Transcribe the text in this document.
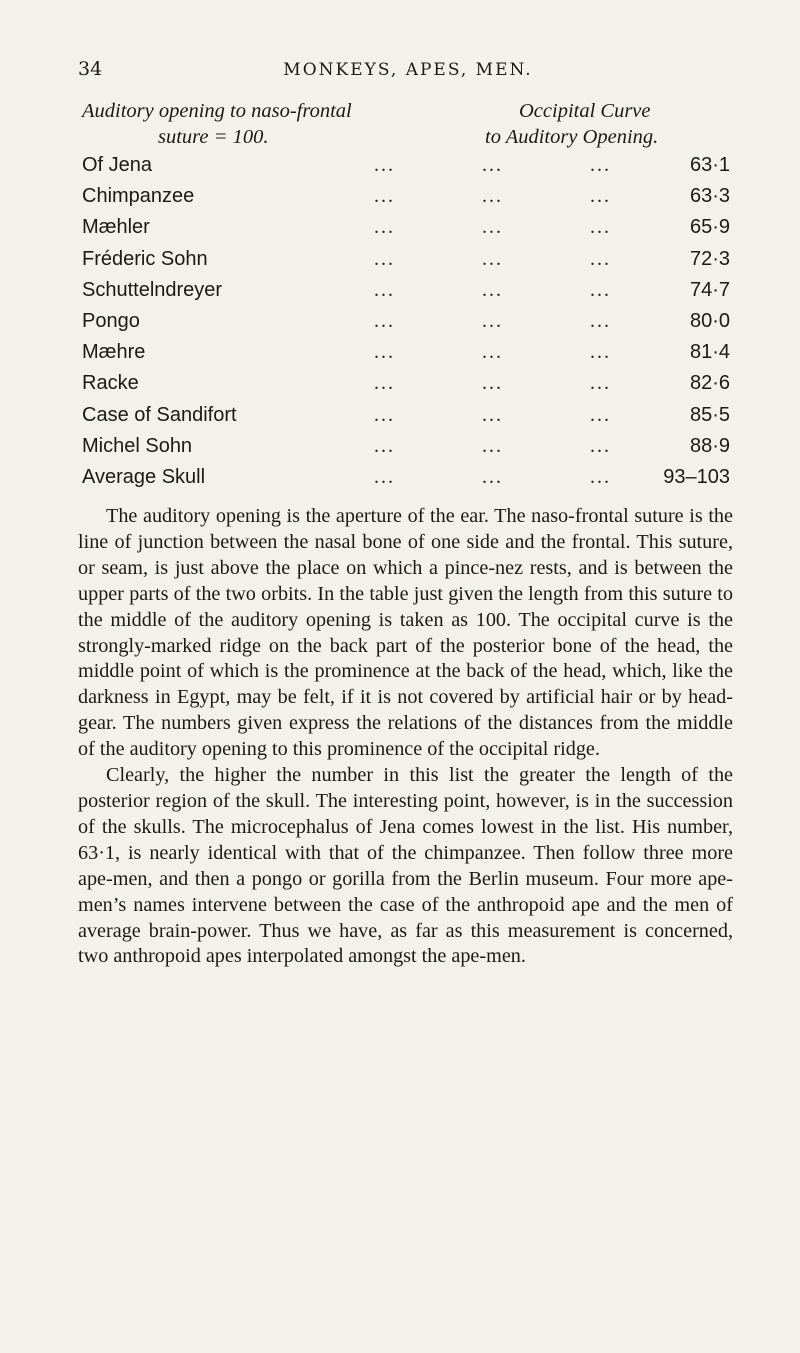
34	MONKEYS, APES, MEN.
Auditory opening to naso-frontal
suture = 100.
Occipital Curve
to Auditory Opening.
Of Jena	...	...	...	63·1
Chimpanzee	...	...	...	63·3
Mæhler	...	...	...	65·9
Fréderic Sohn	...	...	...	72·3
Schuttelndreyer	...	...	...	74·7
Pongo	...	...	...	80·0
Mæhre	...	...	...	81·4
Racke	...	...	...	82·6
Case of Sandifort	...	...	...	85·5
Michel Sohn	...	...	...	88·9
Average Skull	...	...	...	93–103

The auditory opening is the aperture of the ear. The naso-frontal suture is the line of junction between the nasal bone of one side and the frontal. This suture, or seam, is just above the place on which a pince-nez rests, and is between the upper parts of the two orbits. In the table just given the length from this suture to the middle of the auditory opening is taken as 100. The occipital curve is the strongly-marked ridge on the back part of the posterior bone of the head, the middle point of which is the prominence at the back of the head, which, like the darkness in Egypt, may be felt, if it is not covered by artificial hair or by head-gear. The numbers given express the relations of the distances from the middle of the auditory opening to this prominence of the occipital ridge.

Clearly, the higher the number in this list the greater the length of the posterior region of the skull. The interesting point, however, is in the succession of the skulls. The microcephalus of Jena comes lowest in the list. His number, 63·1, is nearly identical with that of the chimpanzee. Then follow three more ape-men, and then a pongo or gorilla from the Berlin museum. Four more ape-men’s names intervene between the case of the anthropoid ape and the men of average brain-power. Thus we have, as far as this measurement is concerned, two anthropoid apes interpolated amongst the ape-men.
